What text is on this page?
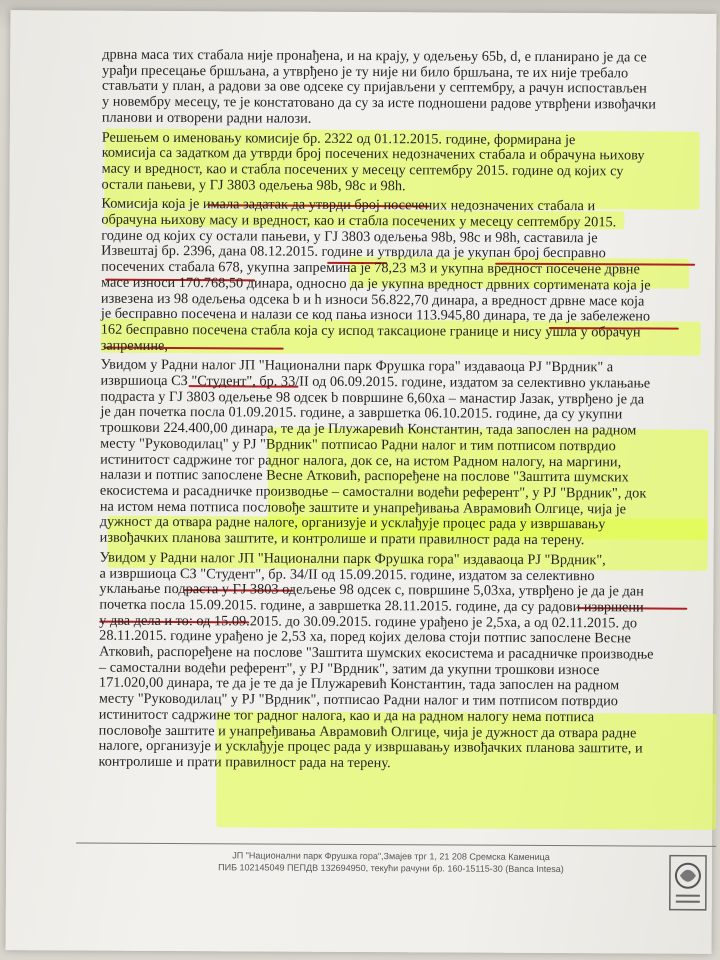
дрвна маса тих стабала није пронађена, и на крају, у одељењу 65b, d, е планирано је да се
урађи пресецање бршљана, а утврђено је ту није ни било бршљана, те их није требало
стављати у план, а радови за ове одсеке су пријављени у септембру, а рачун испостављен
у новембру месецу, те је констатовано да су за исте подношени радове утврђени извођачки
планови и отворени радни налози.

Решењем о именовању комисије бр. 2322 од 01.12.2015. године, формирана је
комисија са задатком да утврди број посечених недозначених стабала и обрачуна њихову
масу и вредност, као и стабла посечених у месецу септембру 2015. године од којих су
остали пањеви, у ГЈ 3803 одељења 98b, 98c и 98h.

Комисија која је имала задатак да утврди број посечених недозначених стабала и
обрачуна њихову масу и вредност, као и стабла посечених у месецу септембру 2015.
године од којих су остали пањеви, у ГЈ 3803 одељења 98b, 98c и 98h, саставила је
Извештај бр. 2396, дана 08.12.2015. године и утврдила да је укупан број бесправно
посечених стабала 678, укупна запремина је 78,23 м3 и укупна вредност посечене дрвне
масе износи 170.768,50 динара, односно да је укупна вредност дрвних сортимената која је
извезена из 98 одељења одсека b и h износи 56.822,70 динара, а вредност дрвне масе која
је бесправно посечена и налази се код пања износи 113.945,80 динара, те да је забележено
162 бесправно посечена стабла која су испод таксационе границе и нису ушла у обрачун
запремине,

Увидом у Радни налог ЈП "Национални парк Фрушка гора" издаваоца РЈ "Врдник" а
извршиоца СЗ "Студент", бр. 33/II од 06.09.2015. године, издатом за селективно уклањање
подраста у ГЈ 3803 одељење 98 одсек b површине 6,60ха – манастир Јазак, утврђено је да
је дан почетка посла 01.09.2015. године, а завршетка 06.10.2015. године, да су укупни
трошкови 224.400,00 динара, те да је Плужаревић Константин, тада запослен на радном
месту "Руководилац" у РЈ "Врдник" потписао Радни налог и тим потписом потврдио
истинитост садржине тог радног налога, док се, на истом Радном налогу, на маргини,
налази и потпис запослене Весне Атковић, распоређене на послове "Заштита шумских
екосистема и расадничке производње – самостални водећи референт", у РЈ "Врдник", док
на истом нема потписа пословође заштите и унапређивања Аврамовић Олгице, чија је
дужност да отвара радне налоге, организује и усклађује процес рада у извршавању
извођачких планова заштите, и контролише и прати правилност рада на терену.

Увидом у Радни налог ЈП "Национални парк Фрушка гора" издаваоца РЈ "Врдник",
а извршиоца СЗ "Студент", бр. 34/II од 15.09.2015. године, издатом за селективно
уклањање подраста у ГЈ 3803 одељење 98 одсек с, површине 5,03ха, утврђено је да је дан
почетка посла 15.09.2015. године, а завршетка 28.11.2015. године, да су радови извршени
у два дела и то: од 15.09.2015. до 30.09.2015. године урађено је 2,5ха, а од 02.11.2015. до
28.11.2015. године урађено је 2,53 ха, поред којих делова стоји потпис запослене Весне
Атковић, распоређене на послове "Заштита шумских екосистема и расадничке производње
– самостални водећи референт", у РЈ "Врдник", затим да укупни трошкови износе
171.020,00 динара, те да је те да је Плужаревић Константин, тада запослен на радном
месту "Руководилац" у РЈ "Врдник", потписао Радни налог и тим потписом потврдио
истинитост садржине тог радног налога, као и да на радном налогу нема потписа
пословође заштите и унапређивања Аврамовић Олгице, чија је дужност да отвара радне
налоге, организује и усклађује процес рада у извршавању извођачких планова заштите, и
контролише и прати правилност рада на терену.

ЈП "Национални парк Фрушка гора",Змајев трг 1, 21 208 Сремска Каменица
ПИБ 102145049 ПЕПДВ 132694950, текући рачуни бр. 160-15115-30 (Banca Intesa)
